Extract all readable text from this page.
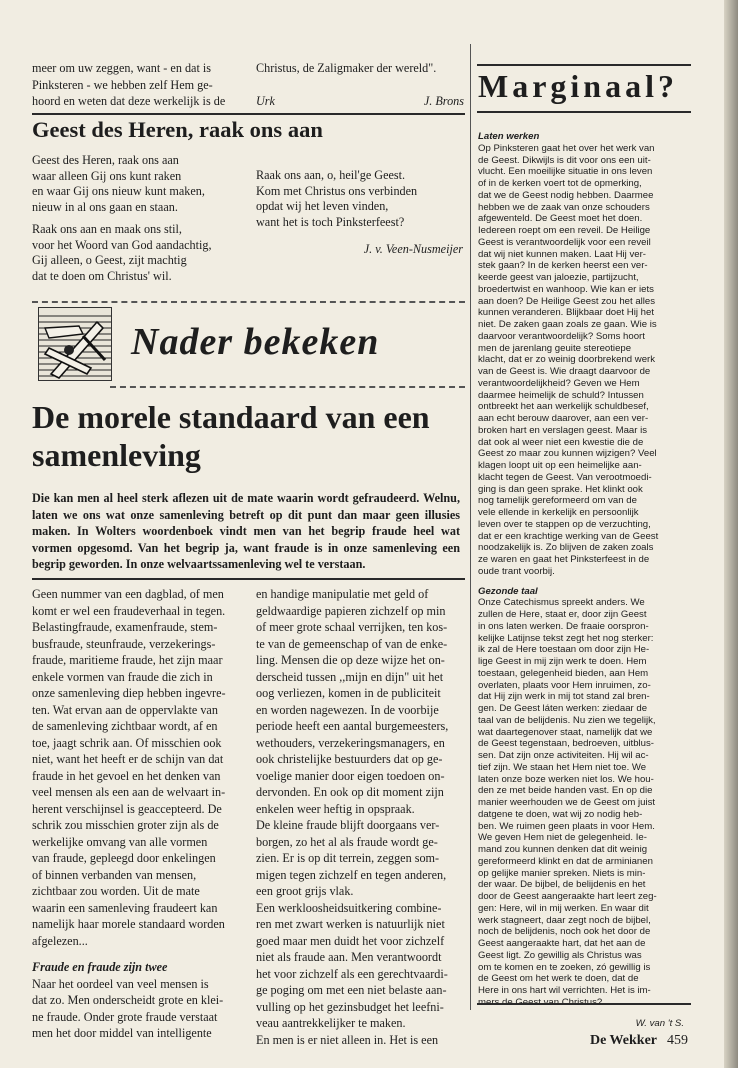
meer om uw zeggen, want - en dat is
Pinksteren - we hebben zelf Hem ge-
hoord en weten dat deze werkelijk is de
Christus, de Zaligmaker der wereld".
Urk	J. Brons
Geest des Heren, raak ons aan
Geest des Heren, raak ons aan
waar alleen Gij ons kunt raken
en waar Gij ons nieuw kunt maken,
nieuw in al ons gaan en staan.
Raak ons aan en maak ons stil,
voor het Woord van God aandachtig,
Gij alleen, o Geest, zijt machtig
dat te doen om Christus' wil.
Raak ons aan, o, heil'ge Geest.
Kom met Christus ons verbinden
opdat wij het leven vinden,
want het is toch Pinksterfeest?
J. v. Veen-Nusmeijer
Nader bekeken
De morele standaard van een samenleving
Die kan men al heel sterk aflezen uit de mate waarin wordt gefraudeerd. Welnu, laten we ons wat onze samenleving betreft op dit punt dan maar geen illusies maken. In Wolters woordenboek vindt men van het begrip fraude heel wat vormen opgesomd. Van het begrip ja, want fraude is in onze samenleving een begrip geworden. In onze welvaartssamenleving wel te verstaan.
Geen nummer van een dagblad, of men
komt er wel een fraudeverhaal in tegen.
Belastingfraude, examenfraude, stem-
busfraude, steunfraude, verzekerings-
fraude, maritieme fraude, het zijn maar
enkele vormen van fraude die zich in
onze samenleving diep hebben ingevre-
ten. Wat ervan aan de oppervlakte van
de samenleving zichtbaar wordt, af en
toe, jaagt schrik aan. Of misschien ook
niet, want het heeft er de schijn van dat
fraude in het gevoel en het denken van
veel mensen als een aan de welvaart in-
herent verschijnsel is geaccepteerd. De
schrik zou misschien groter zijn als de
werkelijke omvang van alle vormen
van fraude, gepleegd door enkelingen
of binnen verbanden van mensen,
zichtbaar zou worden. Uit de mate
waarin een samenleving fraudeert kan
namelijk haar morele standaard worden
afgelezen...
Fraude en fraude zijn twee
Naar het oordeel van veel mensen is
dat zo. Men onderscheidt grote en klei-
ne fraude. Onder grote fraude verstaat
men het door middel van intelligente
en handige manipulatie met geld of
geldwaardige papieren zichzelf op min
of meer grote schaal verrijken, ten kos-
te van de gemeenschap of van de enke-
ling. Mensen die op deze wijze het on-
derscheid tussen ,,mijn en dijn" uit het
oog verliezen, komen in de publiciteit
en worden nagewezen. In de voorbije
periode heeft een aantal burgemeesters,
wethouders, verzekeringsmanagers, en
ook christelijke bestuurders dat op ge-
voelige manier door eigen toedoen on-
dervonden. En ook op dit moment zijn
enkelen weer heftig in opspraak.
De kleine fraude blijft doorgaans ver-
borgen, zo het al als fraude wordt ge-
zien. Er is op dit terrein, zeggen som-
migen tegen zichzelf en tegen anderen,
een groot grijs vlak.
Een werkloosheidsuitkering combine-
ren met zwart werken is natuurlijk niet
goed maar men duidt het voor zichzelf
niet als fraude aan. Men verantwoordt
het voor zichzelf als een gerechtvaardi-
ge poging om met een niet belaste aan-
vulling op het gezinsbudget het leefni-
veau aantrekkelijker te maken.
En men is er niet alleen in. Het is een
Marginaal?
Laten werken
Op Pinksteren gaat het over het werk van
de Geest. Dikwijls is dit voor ons een uit-
vlucht. Een moeilijke situatie in ons leven
of in de kerken voert tot de opmerking,
dat we de Geest nodig hebben. Daarmee
hebben we de zaak van onze schouders
afgewenteld. De Geest moet het doen.
Iedereen roept om een reveil. De Heilige
Geest is verantwoordelijk voor een reveil
dat wij niet kunnen maken. Laat Hij ver-
stek gaan? In de kerken heerst een ver-
keerde geest van jaloezie, partijzucht,
broedertwist en wanhoop. Wie kan er iets
aan doen? De Heilige Geest zou het alles
kunnen veranderen. Blijkbaar doet Hij het
niet. De zaken gaan zoals ze gaan. Wie is
daarvoor verantwoordelijk? Soms hoort
men de jarenlang geuite stereotiepe
klacht, dat er zo weinig doorbrekend werk
van de Geest is. Wie draagt daarvoor de
verantwoordelijkheid? Geven we Hem
daarmee heimelijk de schuld? Intussen
ontbreekt het aan werkelijk schuldbesef,
aan echt berouw daarover, aan een ver-
broken hart en verslagen geest. Maar is
dat ook al weer niet een kwestie die de
Geest zo maar zou kunnen wijzigen? Veel
klagen loopt uit op een heimelijke aan-
klacht tegen de Geest. Van verootmoedi-
ging is dan geen sprake. Het klinkt ook
nog tamelijk gereformeerd om van de
vele ellende in kerkelijk en persoonlijk
leven over te stappen op de verzuchting,
dat er een krachtige werking van de Geest
noodzakelijk is. Zo blijven de zaken zoals
ze waren en gaat het Pinksterfeest in de
oude trant voorbij.
Gezonde taal
Onze Catechismus spreekt anders. We
zullen de Here, staat er, door zijn Geest
in ons laten werken. De fraaie oorspron-
kelijke Latijnse tekst zegt het nog sterker:
ik zal de Here toestaan om door zijn He-
lige Geest in mij zijn werk te doen. Hem
toestaan, gelegenheid bieden, aan Hem
overlaten, plaats voor Hem inruimen, zo-
dat Hij zijn werk in mij tot stand zal bren-
gen. De Geest láten werken: ziedaar de
taal van de belijdenis. Nu zien we tegelijk,
wat daartegenover staat, namelijk dat we
de Geest tegenstaan, bedroeven, uitblus-
sen. Dat zijn onze activiteiten. Hij wil ac-
tief zijn. We staan het Hem niet toe. We
laten onze boze werken niet los. We hou-
den ze met beide handen vast. En op die
manier weerhouden we de Geest om juist
datgene te doen, wat wij zo nodig heb-
ben. We ruimen geen plaats in voor Hem.
We geven Hem niet de gelegenheid. Ie-
mand zou kunnen denken dat dit weinig
gereformeerd klinkt en dat de arminianen
op gelijke manier spreken. Niets is min-
der waar. De bijbel, de belijdenis en het
door de Geest aangeraakte hart leert zeg-
gen: Here, wil in mij werken. En waar dit
werk stagneert, daar zegt noch de bijbel,
noch de belijdenis, noch ook het door de
Geest aangeraakte hart, dat het aan de
Geest ligt. Zo gewillig als Christus was
om te komen en te zoeken, zó gewillig is
de Geest om het werk te doen, dat de
Here in ons hart wil verrichten. Het is im-
W. van 't S.
De Wekker 459
